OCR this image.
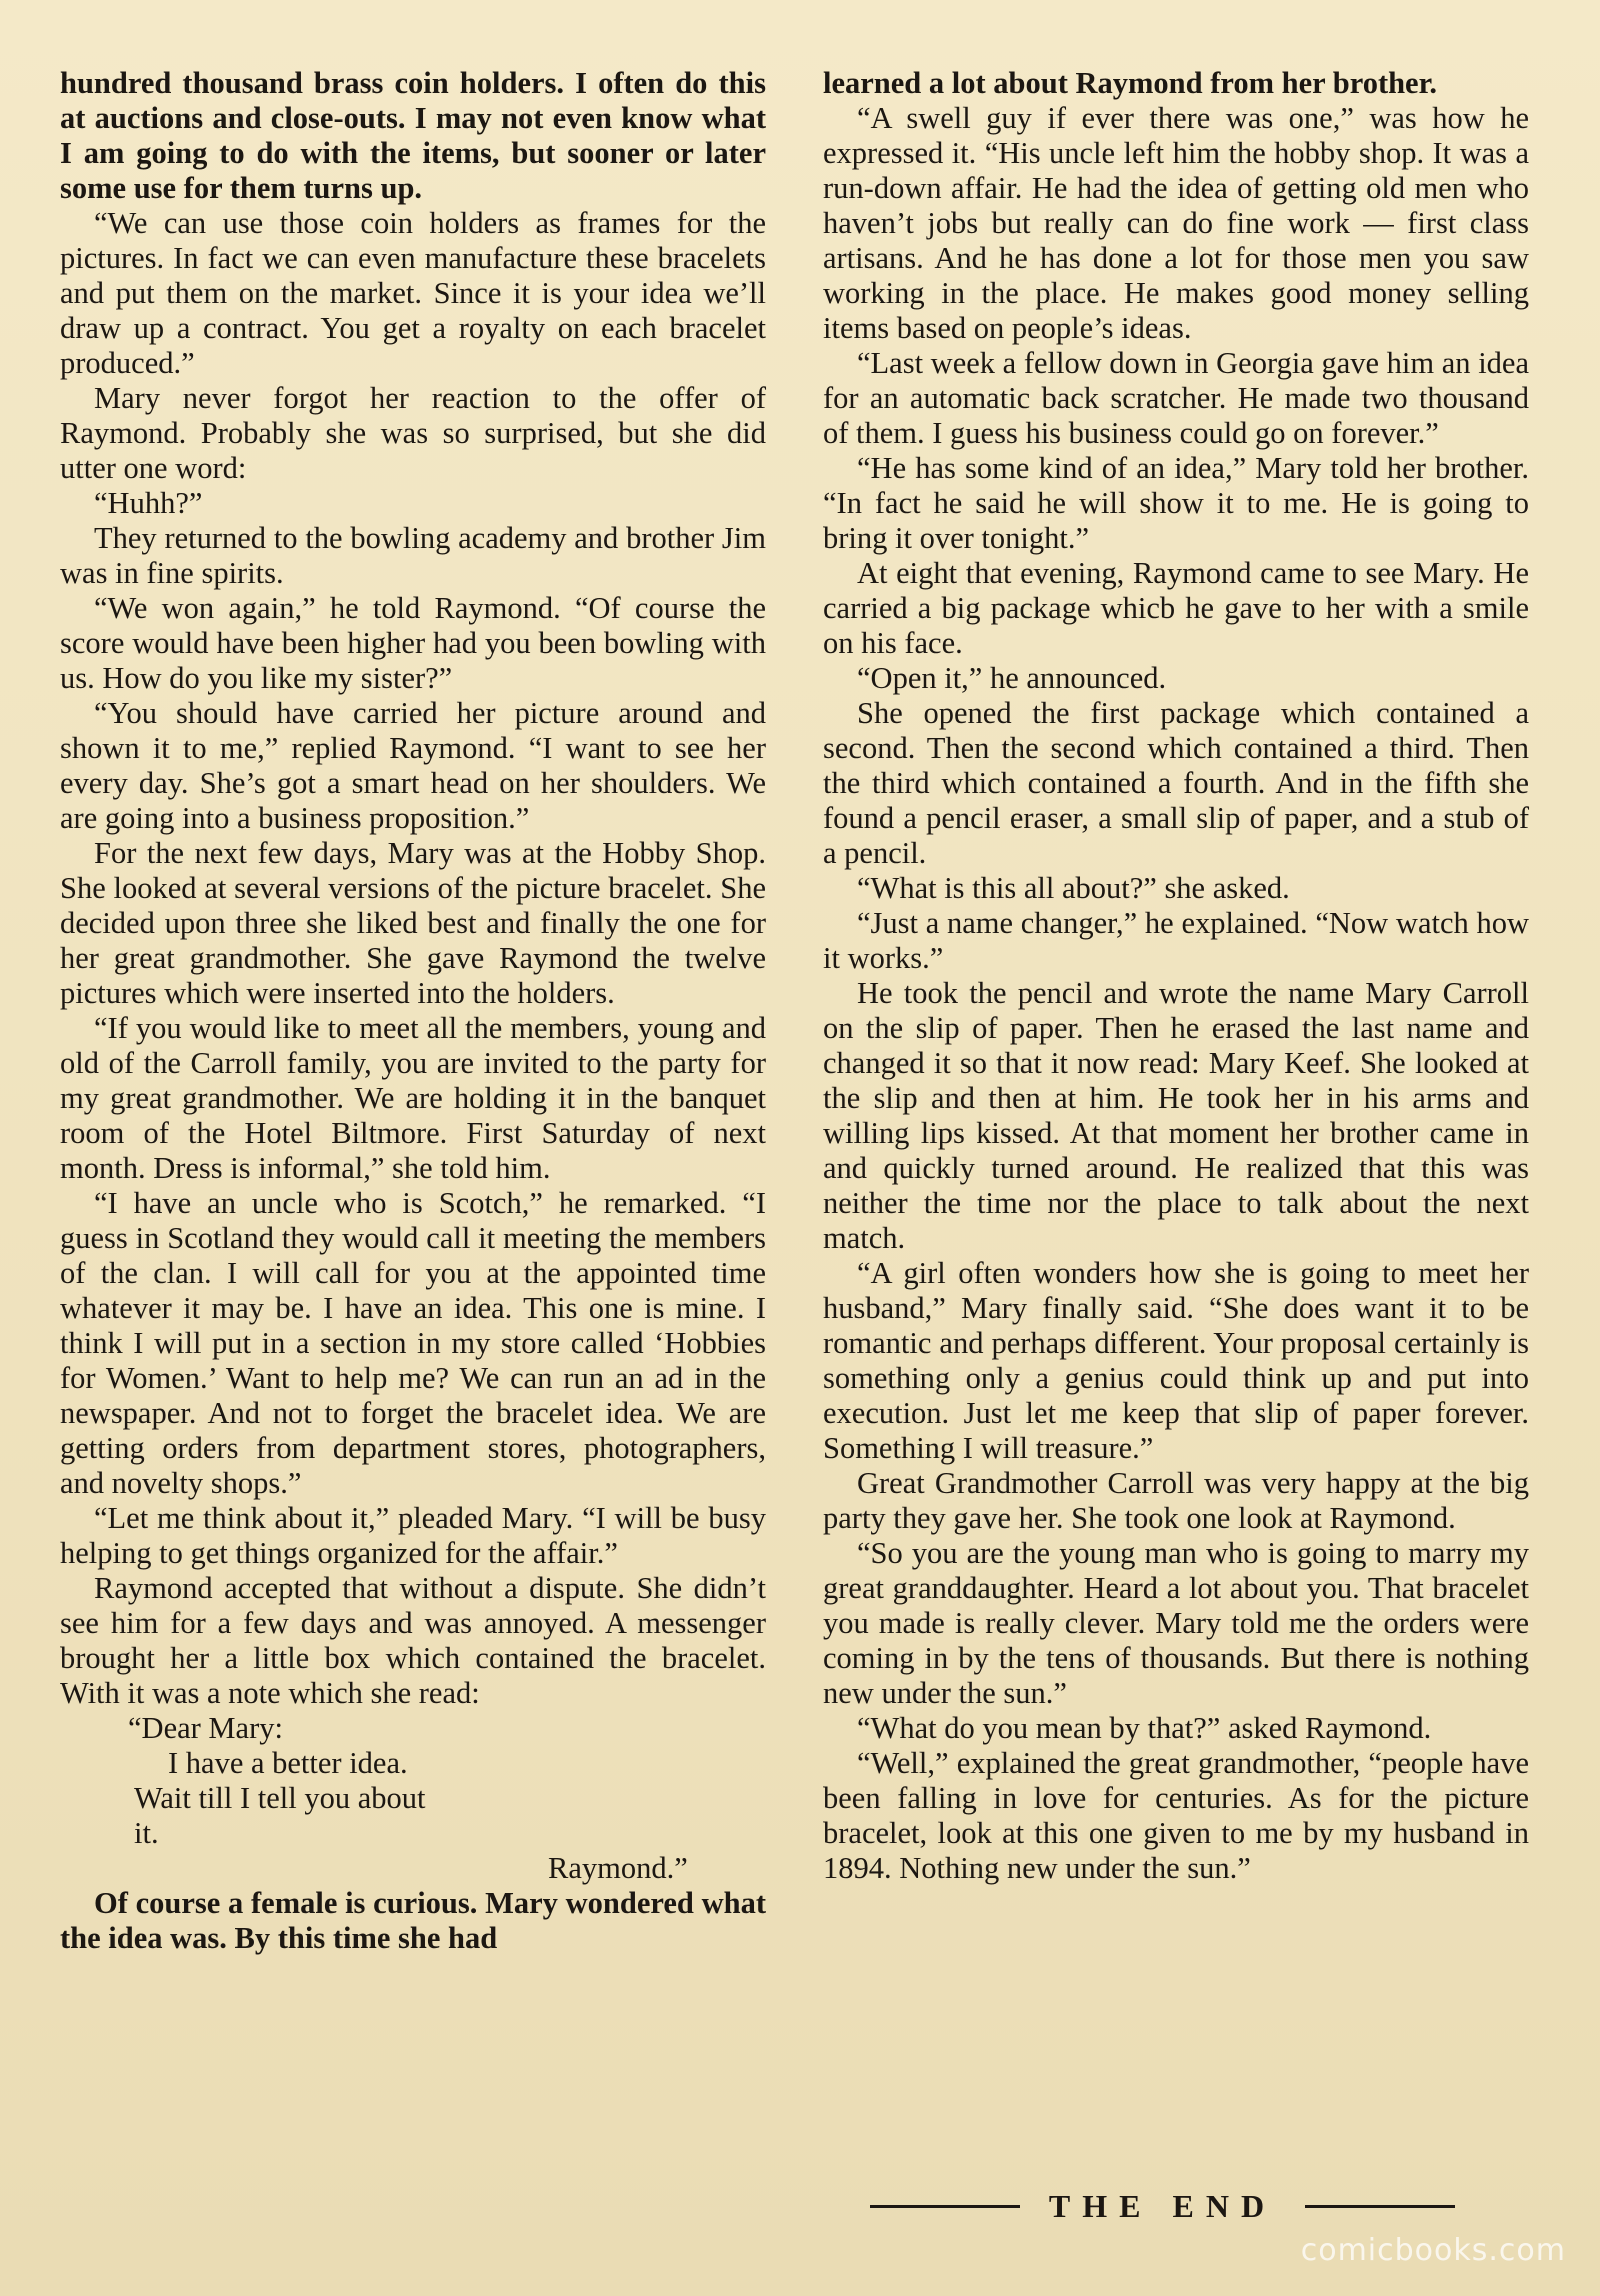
hundred thousand brass coin holders. I often do this at auctions and close-outs. I may not even know what I am going to do with the items, but sooner or later some use for them turns up.

“We can use those coin holders as frames for the pictures. In fact we can even manufacture these bracelets and put them on the market. Since it is your idea we’ll draw up a contract. You get a royalty on each bracelet produced.”

Mary never forgot her reaction to the offer of Raymond. Probably she was so surprised, but she did utter one word:

“Huhh?”

They returned to the bowling academy and brother Jim was in fine spirits.

“We won again,” he told Raymond. “Of course the score would have been higher had you been bowling with us. How do you like my sister?”

“You should have carried her picture around and shown it to me,” replied Raymond. “I want to see her every day. She’s got a smart head on her shoulders. We are going into a business proposition.”

For the next few days, Mary was at the Hobby Shop. She looked at several versions of the picture bracelet. She decided upon three she liked best and finally the one for her great grandmother. She gave Raymond the twelve pictures which were inserted into the holders.

“If you would like to meet all the members, young and old of the Carroll family, you are invited to the party for my great grandmother. We are holding it in the banquet room of the Hotel Biltmore. First Saturday of next month. Dress is informal,” she told him.

“I have an uncle who is Scotch,” he remarked. “I guess in Scotland they would call it meeting the members of the clan. I will call for you at the appointed time whatever it may be. I have an idea. This one is mine. I think I will put in a section in my store called ‘Hobbies for Women.’ Want to help me? We can run an ad in the newspaper. And not to forget the bracelet idea. We are getting orders from department stores, photographers, and novelty shops.”

“Let me think about it,” pleaded Mary. “I will be busy helping to get things organized for the affair.”

Raymond accepted that without a dispute. She didn’t see him for a few days and was annoyed. A messenger brought her a little box which contained the bracelet. With it was a note which she read:

“Dear Mary:

I have a better idea. Wait till I tell you about it.

Raymond.”

Of course a female is curious. Mary wondered what the idea was. By this time she had

learned a lot about Raymond from her brother.

“A swell guy if ever there was one,” was how he expressed it. “His uncle left him the hobby shop. It was a run-down affair. He had the idea of getting old men who haven’t jobs but really can do fine work — first class artisans. And he has done a lot for those men you saw working in the place. He makes good money selling items based on people’s ideas.

“Last week a fellow down in Georgia gave him an idea for an automatic back scratcher. He made two thousand of them. I guess his business could go on forever.”

“He has some kind of an idea,” Mary told her brother. “In fact he said he will show it to me. He is going to bring it over tonight.”

At eight that evening, Raymond came to see Mary. He carried a big package whicb he gave to her with a smile on his face.

“Open it,” he announced.

She opened the first package which contained a second. Then the second which contained a third. Then the third which contained a fourth. And in the fifth she found a pencil eraser, a small slip of paper, and a stub of a pencil.

“What is this all about?” she asked.

“Just a name changer,” he explained. “Now watch how it works.”

He took the pencil and wrote the name Mary Carroll on the slip of paper. Then he erased the last name and changed it so that it now read: Mary Keef. She looked at the slip and then at him. He took her in his arms and willing lips kissed. At that moment her brother came in and quickly turned around. He realized that this was neither the time nor the place to talk about the next match.

“A girl often wonders how she is going to meet her husband,” Mary finally said. “She does want it to be romantic and perhaps different. Your proposal certainly is something only a genius could think up and put into execution. Just let me keep that slip of paper forever. Something I will treasure.”

Great Grandmother Carroll was very happy at the big party they gave her. She took one look at Raymond.

“So you are the young man who is going to marry my great granddaughter. Heard a lot about you. That bracelet you made is really clever. Mary told me the orders were coming in by the tens of thousands. But there is nothing new under the sun.”

“What do you mean by that?” asked Raymond.

“Well,” explained the great grandmother, “people have been falling in love for centuries. As for the picture bracelet, look at this one given to me by my husband in 1894. Nothing new under the sun.”

THE END
comicbooks.com
